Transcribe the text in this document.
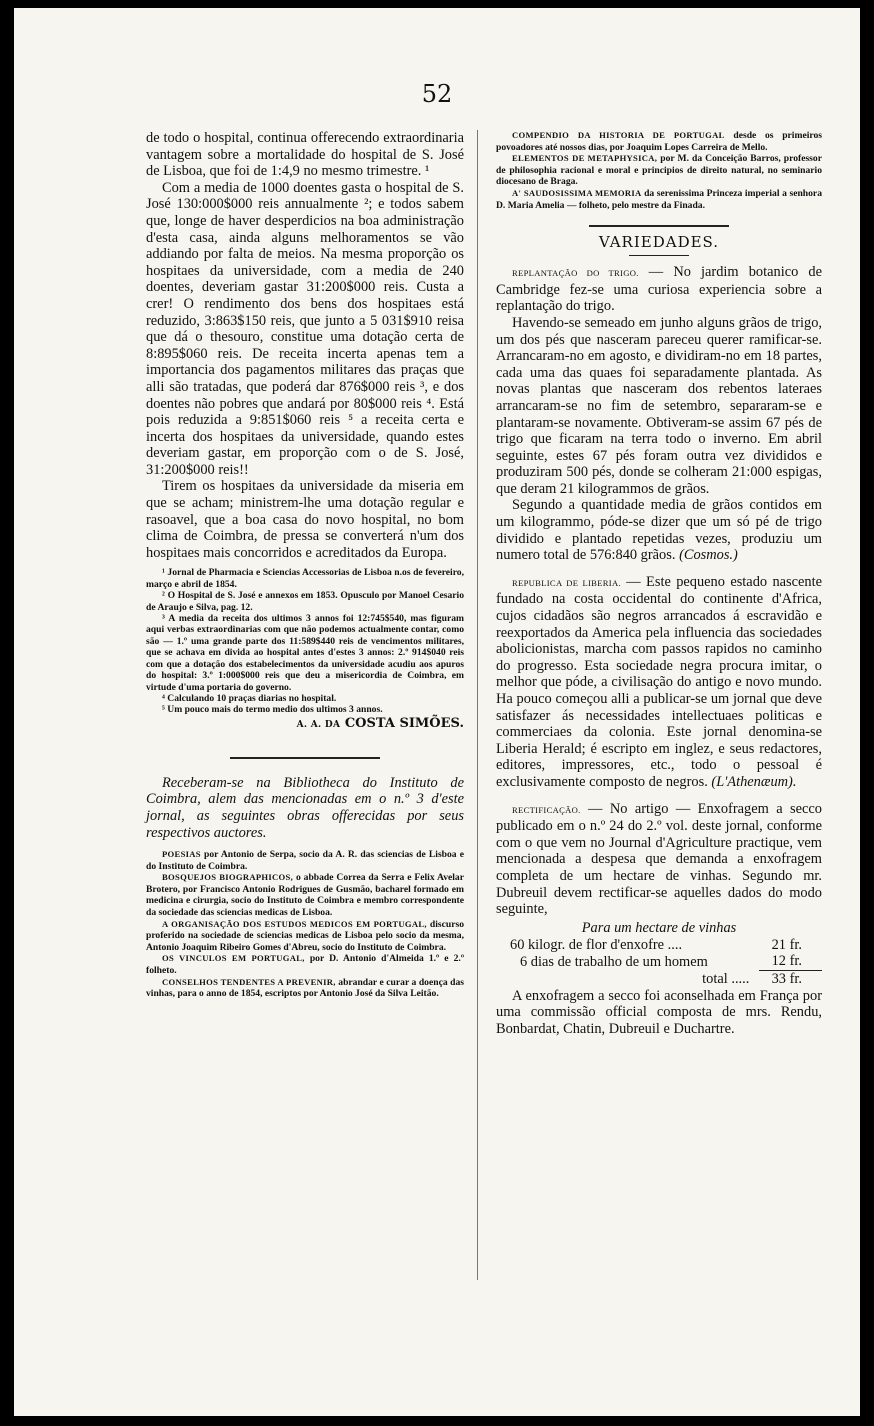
52

de todo o hospital, continua offerecendo extraordinaria vantagem sobre a mortalidade do hospital de S. José de Lisboa, que foi de 1:4,9 no mesmo trimestre. ¹

Com a media de 1000 doentes gasta o hospital de S. José 130:000$000 reis annualmente ²; e todos sabem que, longe de haver desperdicios na boa administração d'esta casa, ainda alguns melhoramentos se vão addiando por falta de meios. Na mesma proporção os hospitaes da universidade, com a media de 240 doentes, deveriam gastar 31:200$000 reis. Custa a crer! O rendimento dos bens dos hospitaes está reduzido, 3:863$150 reis, que junto a 5 031$910 reisa que dá o thesouro, constitue uma dotação certa de 8:895$060 reis. De receita incerta apenas tem a importancia dos pagamentos militares das praças que alli são tratadas, que poderá dar 876$000 reis ³, e dos doentes não pobres que andará por 80$000 reis ⁴. Está pois reduzida a 9:851$060 reis ⁵ a receita certa e incerta dos hospitaes da universidade, quando estes deveriam gastar, em proporção com o de S. José, 31:200$000 reis!!

Tirem os hospitaes da universidade da miseria em que se acham; ministrem-lhe uma dotação regular e rasoavel, que a boa casa do novo hospital, no bom clima de Coimbra, de pressa se converterá n'um dos hospitaes mais concorridos e acreditados da Europa.

¹ Jornal de Pharmacia e Sciencias Accessorias de Lisboa n.os de fevereiro, março e abril de 1854.

² O Hospital de S. José e annexos em 1853. Opusculo por Manoel Cesario de Araujo e Silva, pag. 12.

³ A media da receita dos ultimos 3 annos foi 12:745$540, mas figuram aqui verbas extraordinarias com que não podemos actualmente contar, como são — 1.º uma grande parte dos 11:589$440 reis de vencimentos militares, que se achava em divida ao hospital antes d'estes 3 annos: 2.º 914$040 reis com que a dotação dos estabelecimentos da universidade acudiu aos apuros do hospital: 3.º 1:000$000 reis que deu a misericordia de Coimbra, em virtude d'uma portaria do governo.

⁴ Calculando 10 praças diarias no hospital.

⁵ Um pouco mais do termo medio dos ultimos 3 annos.

A. A. DA COSTA SIMÕES.

Receberam-se na Bibliotheca do Instituto de Coimbra, alem das mencionadas em o n.º 3 d'este jornal, as seguintes obras offerecidas por seus respectivos auctores.

POESIAS por Antonio de Serpa, socio da A. R. das sciencias de Lisboa e do Instituto de Coimbra.

BOSQUEJOS BIOGRAPHICOS, o abbade Correa da Serra e Felix Avelar Brotero, por Francisco Antonio Rodrigues de Gusmão, bacharel formado em medicina e cirurgia, socio do Instituto de Coimbra e membro correspondente da sociedade das sciencias medicas de Lisboa.

A ORGANISAÇÃO DOS ESTUDOS MEDICOS EM PORTUGAL, discurso proferido na sociedade de sciencias medicas de Lisboa pelo socio da mesma, Antonio Joaquim Ribeiro Gomes d'Abreu, socio do Instituto de Coimbra.

OS VINCULOS EM PORTUGAL, por D. Antonio d'Almeida 1.º e 2.º folheto.

CONSELHOS TENDENTES A PREVENIR, abrandar e curar a doença das vinhas, para o anno de 1854, escriptos por Antonio José da Silva Leitão.

COMPENDIO DA HISTORIA DE PORTUGAL desde os primeiros povoadores até nossos dias, por Joaquim Lopes Carreira de Mello.

ELEMENTOS DE METAPHYSICA, por M. da Conceição Barros, professor de philosophia racional e moral e principios de direito natural, no seminario diocesano de Braga.

A' SAUDOSISSIMA MEMORIA da serenissima Princeza imperial a senhora D. Maria Amelia — folheto, pelo mestre da Finada.

VARIEDADES.

REPLANTAÇÃO DO TRIGO. — No jardim botanico de Cambridge fez-se uma curiosa experiencia sobre a replantação do trigo.

Havendo-se semeado em junho alguns grãos de trigo, um dos pés que nasceram pareceu querer ramificar-se. Arrancaram-no em agosto, e dividiram-no em 18 partes, cada uma das quaes foi separadamente plantada. As novas plantas que nasceram dos rebentos lateraes arrancaram-se no fim de setembro, separaram-se e plantaram-se novamente. Obtiveram-se assim 67 pés de trigo que ficaram na terra todo o inverno. Em abril seguinte, estes 67 pés foram outra vez divididos e produziram 500 pés, donde se colheram 21:000 espigas, que deram 21 kilogrammos de grãos.

Segundo a quantidade media de grãos contidos em um kilogrammo, póde-se dizer que um só pé de trigo dividido e plantado repetidas vezes, produziu um numero total de 576:840 grãos. (Cosmos.)

REPUBLICA DE LIBERIA. — Este pequeno estado nascente fundado na costa occidental do continente d'Africa, cujos cidadãos são negros arrancados á escravidão e reexportados da America pela influencia das sociedades abolicionistas, marcha com passos rapidos no caminho do progresso. Esta sociedade negra procura imitar, o melhor que póde, a civilisação do antigo e novo mundo. Ha pouco começou alli a publicar-se um jornal que deve satisfazer ás necessidades intellectuaes politicas e commerciaes da colonia. Este jornal denomina-se Liberia Herald; é escripto em inglez, e seus redactores, editores, impressores, etc., todo o pessoal é exclusivamente composto de negros. (L'Athenæum).

RECTIFICAÇÃO. — No artigo — Enxofragem a secco publicado em o n.º 24 do 2.º vol. deste jornal, conforme com o que vem no Journal d'Agriculture practique, vem mencionada a despesa que demanda a enxofragem completa de um hectare de vinhas. Segundo mr. Dubreuil devem rectificar-se aquelles dados do modo seguinte,

Para um hectare de vinhas
60 kilogr. de flor d'enxofre ....	21 fr.
6 dias de trabalho de um homem	12 fr.
total .....	33 fr.

A enxofragem a secco foi aconselhada em França por uma commissão official composta de mrs. Rendu, Bonbardat, Chatin, Dubreuil e Duchartre.
